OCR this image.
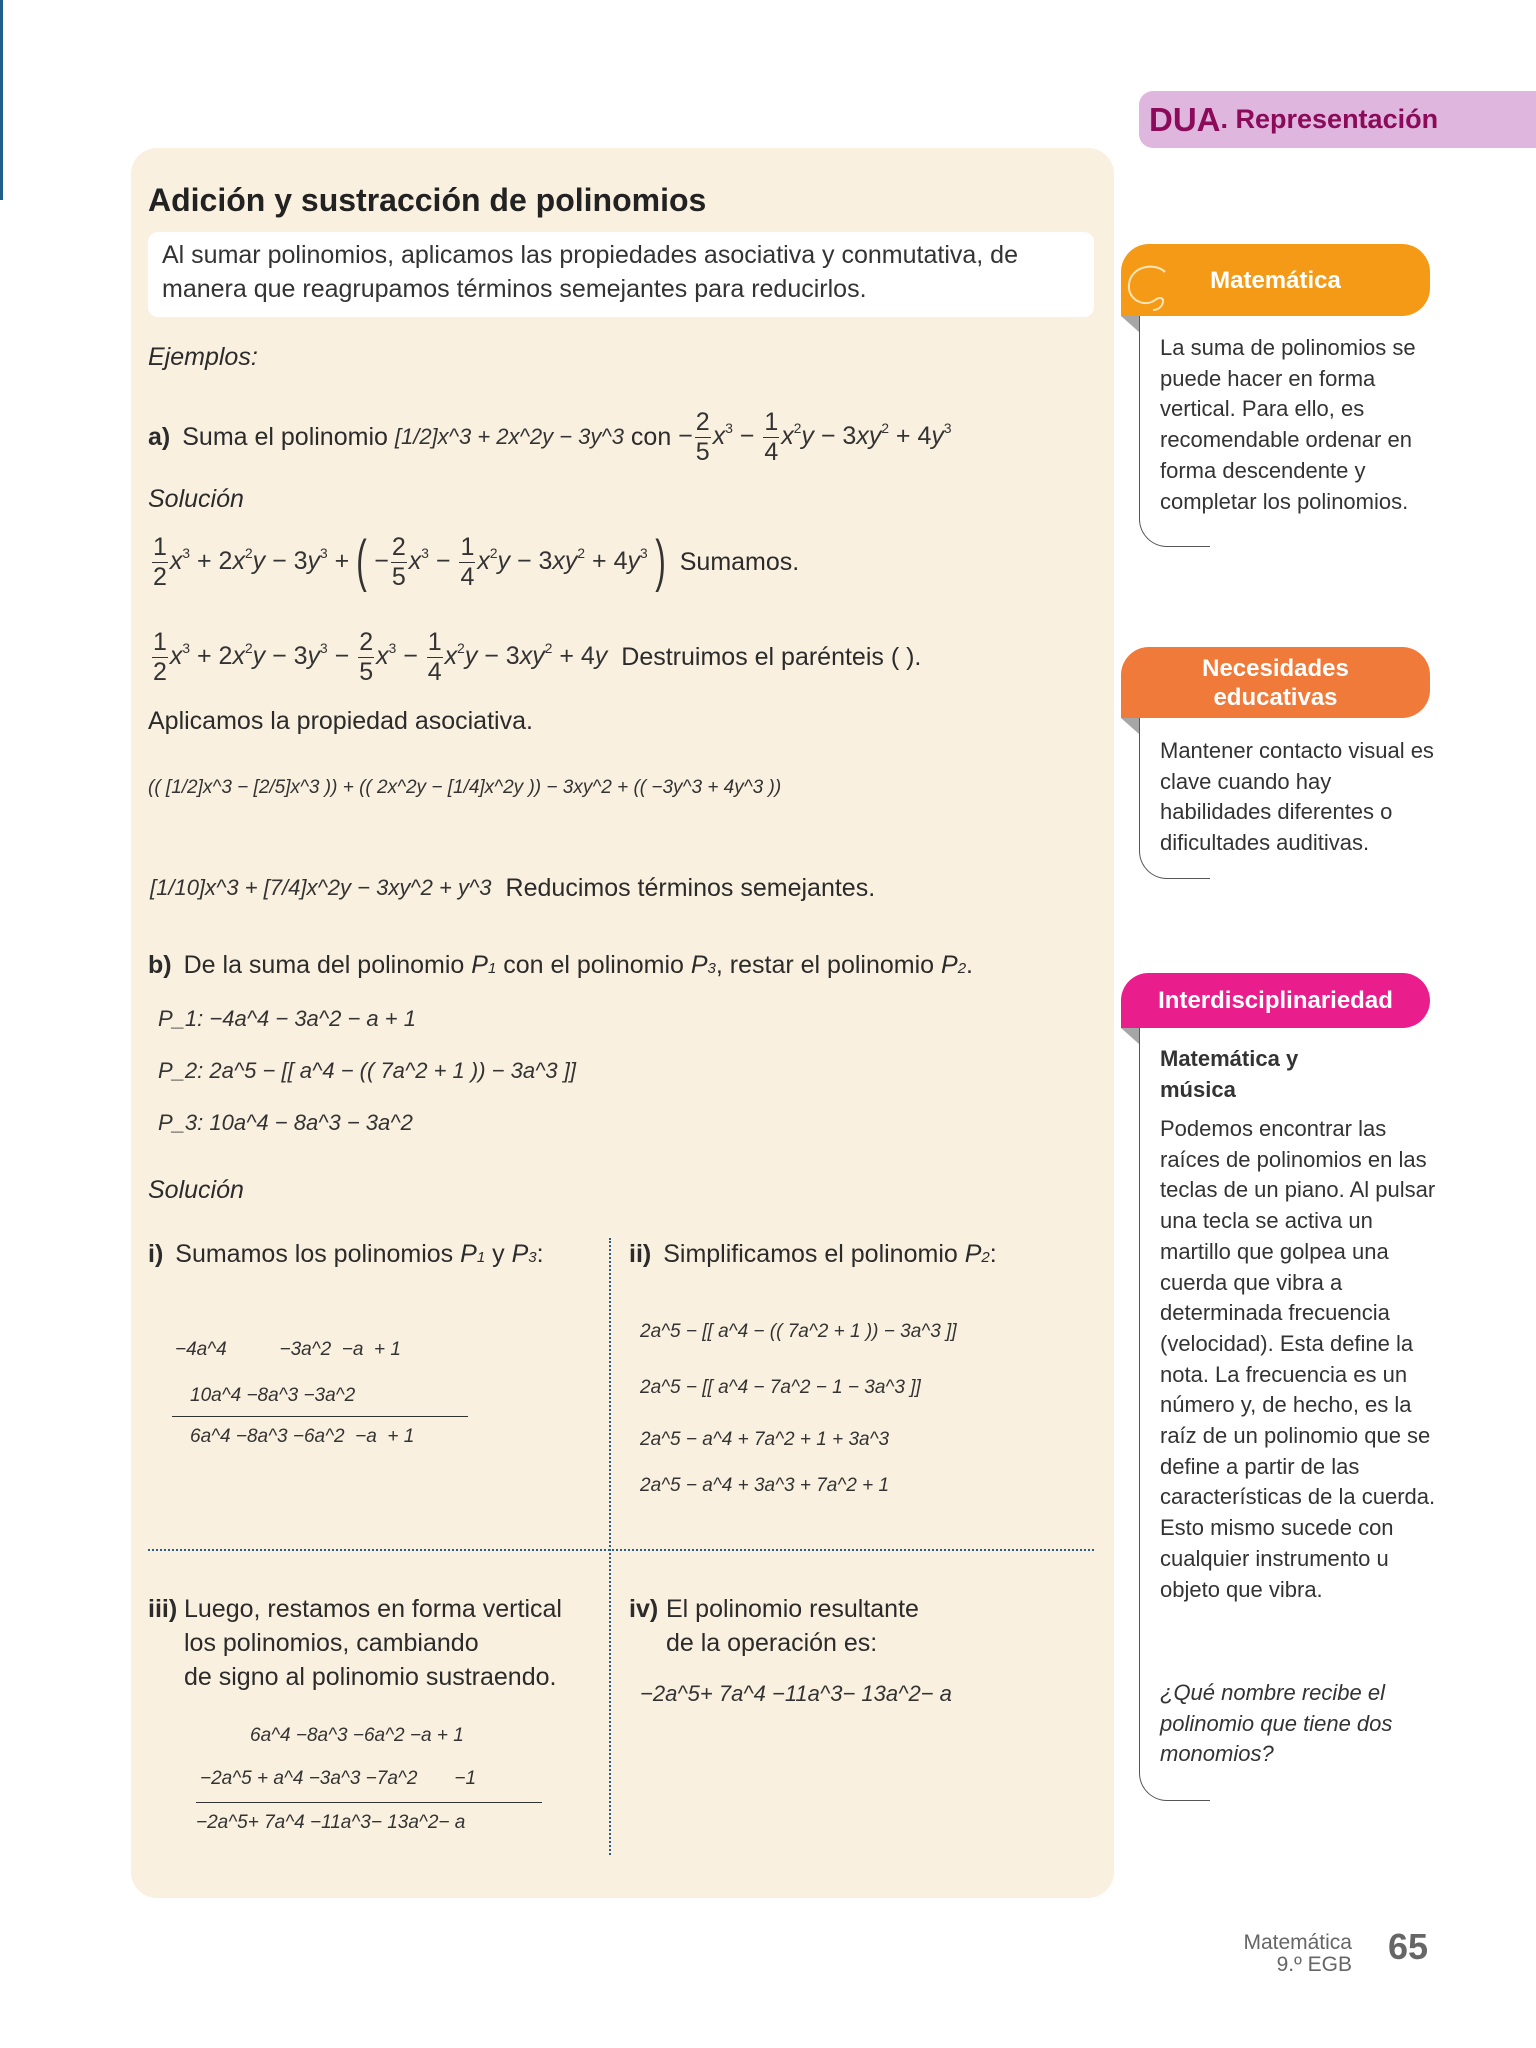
DUA . Representación
Adición y sustracción de polinomios
Al sumar polinomios, aplicamos las propiedades asociativa y conmutativa, de manera que reagrupamos términos semejantes para reducirlos.
Ejemplos:
a) Suma el polinomio [1/2]x^3 + 2x^2y − 3y^3 con − $\frac{2}{5} x^3 - \frac{1}{4} x^2y - 3xy^2 + 4y^3$
Solución
$\frac{1}{2} x^3 + 2x^2y - 3y^3$ + ( − $\frac{2}{5} x^3 - \frac{1}{4} x^2y - 3xy^2 + 4y^3$ ) Sumamos.
$\frac{1}{2} x^3 + 2x^2y - 3y^3 - \frac{2}{5} x^3 - \frac{1}{4} x^2y - 3xy^2 + 4y$ Destruimos el parénteis ( ).
Aplicamos la propiedad asociativa.
(( [1/2]x^3 − [2/5]x^3 )) + (( 2x^2y − [1/4]x^2y )) − 3xy^2 + (( −3y^3 + 4y^3 ))
[1/10]x^3 + [7/4]x^2y − 3xy^2 + y^3 Reducimos términos semejantes.
b) De la suma del polinomio P1 con el polinomio P3, restar el polinomio P2.
P_1: −4a^4 − 3a^2 − a + 1
P_2: 2a^5 − [[ a^4 − (( 7a^2 + 1 )) − 3a^3 ]]
P_3: 10a^4 − 8a^3 − 3a^2
Solución
i) Sumamos los polinomios P1 y P3:
−4a^4          −3a^2  −a  + 1
10a^4 −8a^3 −3a^2
6a^4 −8a^3 −6a^2  −a  + 1
ii) Simplificamos el polinomio P2:
2a^5 − [[ a^4 − (( 7a^2 + 1 )) − 3a^3 ]]
2a^5 − [[ a^4 − 7a^2 − 1 − 3a^3 ]]
2a^5 − a^4 + 7a^2 + 1 + 3a^3
2a^5 − a^4 + 3a^3 + 7a^2 + 1
iii) Luego, restamos en forma vertical
los polinomios, cambiando
de signo al polinomio sustraendo.
6a^4 −8a^3 −6a^2 −a + 1
−2a^5 + a^4 −3a^3 −7a^2       −1
−2a^5+ 7a^4 −11a^3− 13a^2− a
iv) El polinomio resultante
de la operación es:
−2a^5+ 7a^4 −11a^3− 13a^2− a
Matemática
La suma de polinomios se puede hacer en forma vertical. Para ello, es recomendable ordenar en forma descendente y completar los polinomios.
Necesidades educativas
Mantener contacto visual es clave cuando hay habilidades diferentes o dificultades auditivas.
Interdisciplinariedad
Matemática y música
Podemos encontrar las raíces de polinomios en las teclas de un piano. Al pulsar una tecla se activa un martillo que golpea una cuerda que vibra a determinada frecuencia (velocidad). Esta define la nota. La frecuencia es un número y, de hecho, es la raíz de un polinomio que se define a partir de las características de la cuerda. Esto mismo sucede con cualquier instrumento u objeto que vibra.
¿Qué nombre recibe el polinomio que tiene dos monomios?
Matemática
9.º EGB 65
